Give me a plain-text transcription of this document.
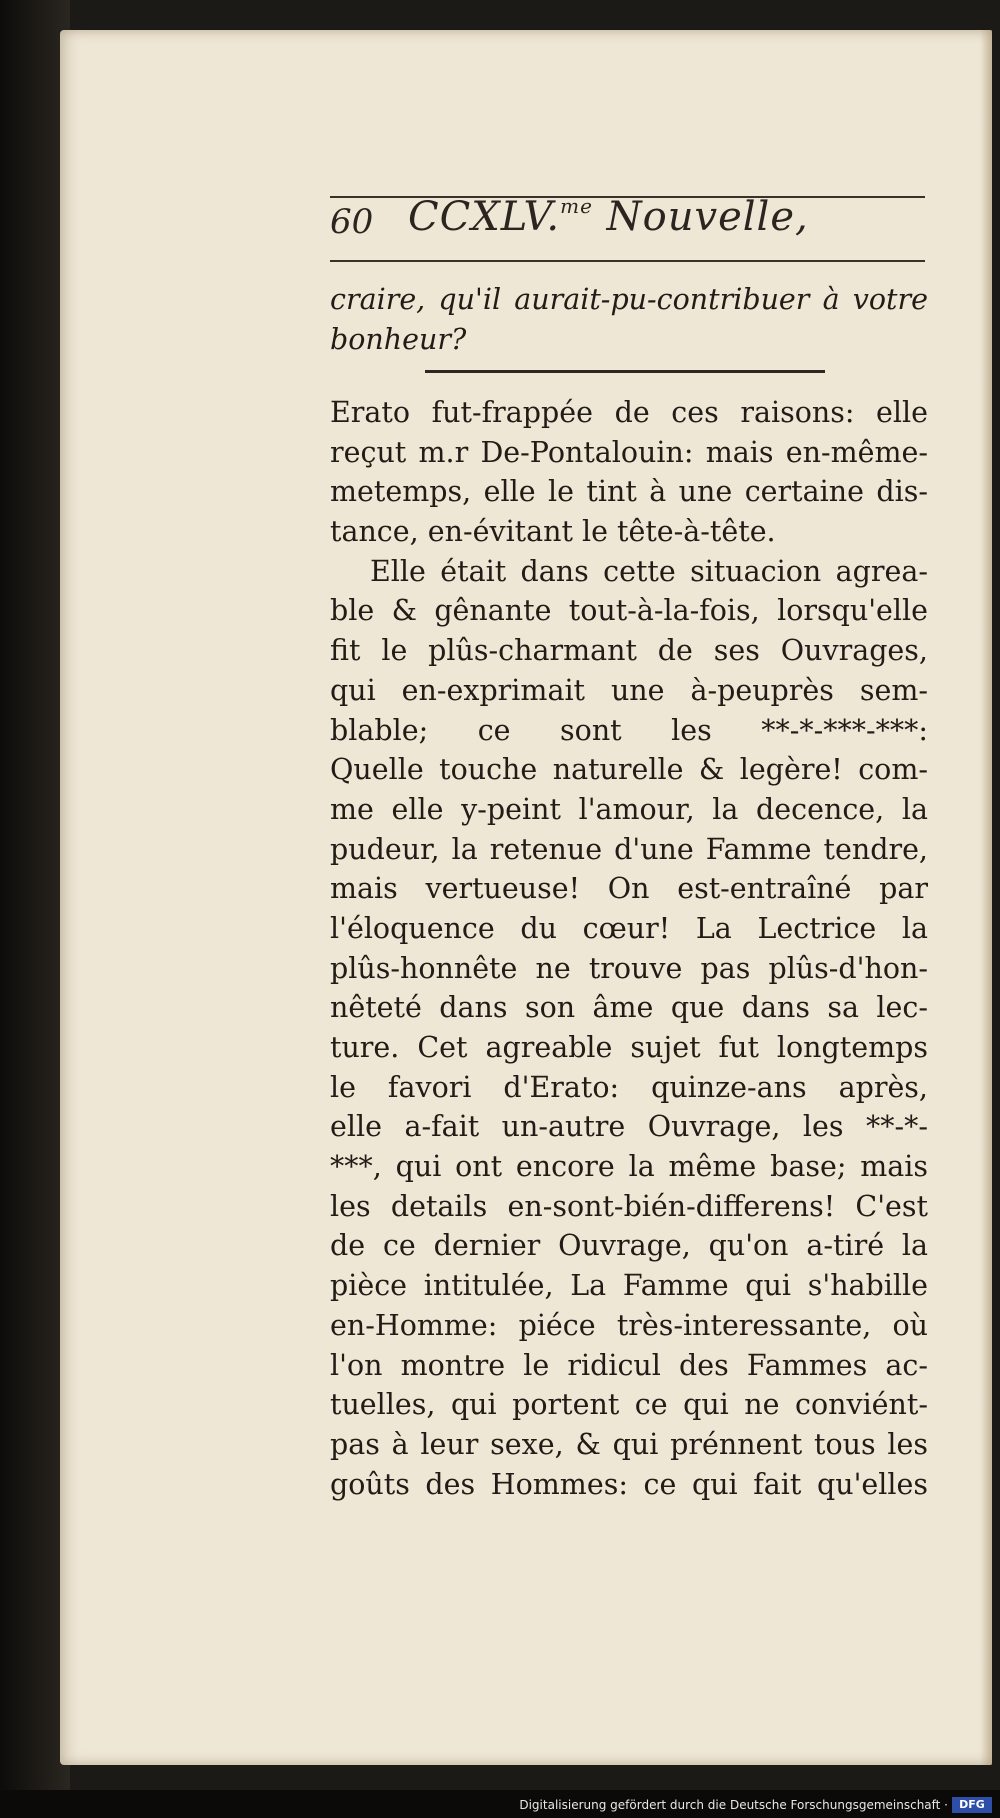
60 CCXLV.$^{me}$ Nouvelle,
craire, qu'il aurait-pu-contribuer à votre
bonheur?
Erato fut-frappée de ces raisons: elle
reçut m.r De-Pontalouin: mais en-même-
metemps, elle le tint à une certaine dis-
tance, en-évitant le tête-à-tête.
Elle était dans cette situacion agrea-
ble & gênante tout-à-la-fois, lorsqu'elle
fit le plûs-charmant de ses Ouvrages,
qui en-exprimait une à-peuprès sem-
blable; ce sont les **-*-***-***:
Quelle touche naturelle & legère! com-
me elle y-peint l'amour, la decence, la
pudeur, la retenue d'une Famme tendre,
mais vertueuse! On est-entraîné par
l'éloquence du cœur! La Lectrice la
plûs-honnête ne trouve pas plûs-d'hon-
nêteté dans son âme que dans sa lec-
ture. Cet agreable sujet fut longtemps
le favori d'Erato: quinze-ans après,
elle a-fait un-autre Ouvrage, les **-*-
***, qui ont encore la même base; mais
les details en-sont-bién-differens! C'est
de ce dernier Ouvrage, qu'on a-tiré la
pièce intitulée, La Famme qui s'habille
en-Homme: piéce très-interessante, où
l'on montre le ridicul des Fammes ac-
tuelles, qui portent ce qui ne conviént-
pas à leur sexe, & qui prénnent tous les
goûts des Hommes: ce qui fait qu'elles
Digitalisierung gefördert durch die Deutsche Forschungsgemeinschaft ·	DFG
